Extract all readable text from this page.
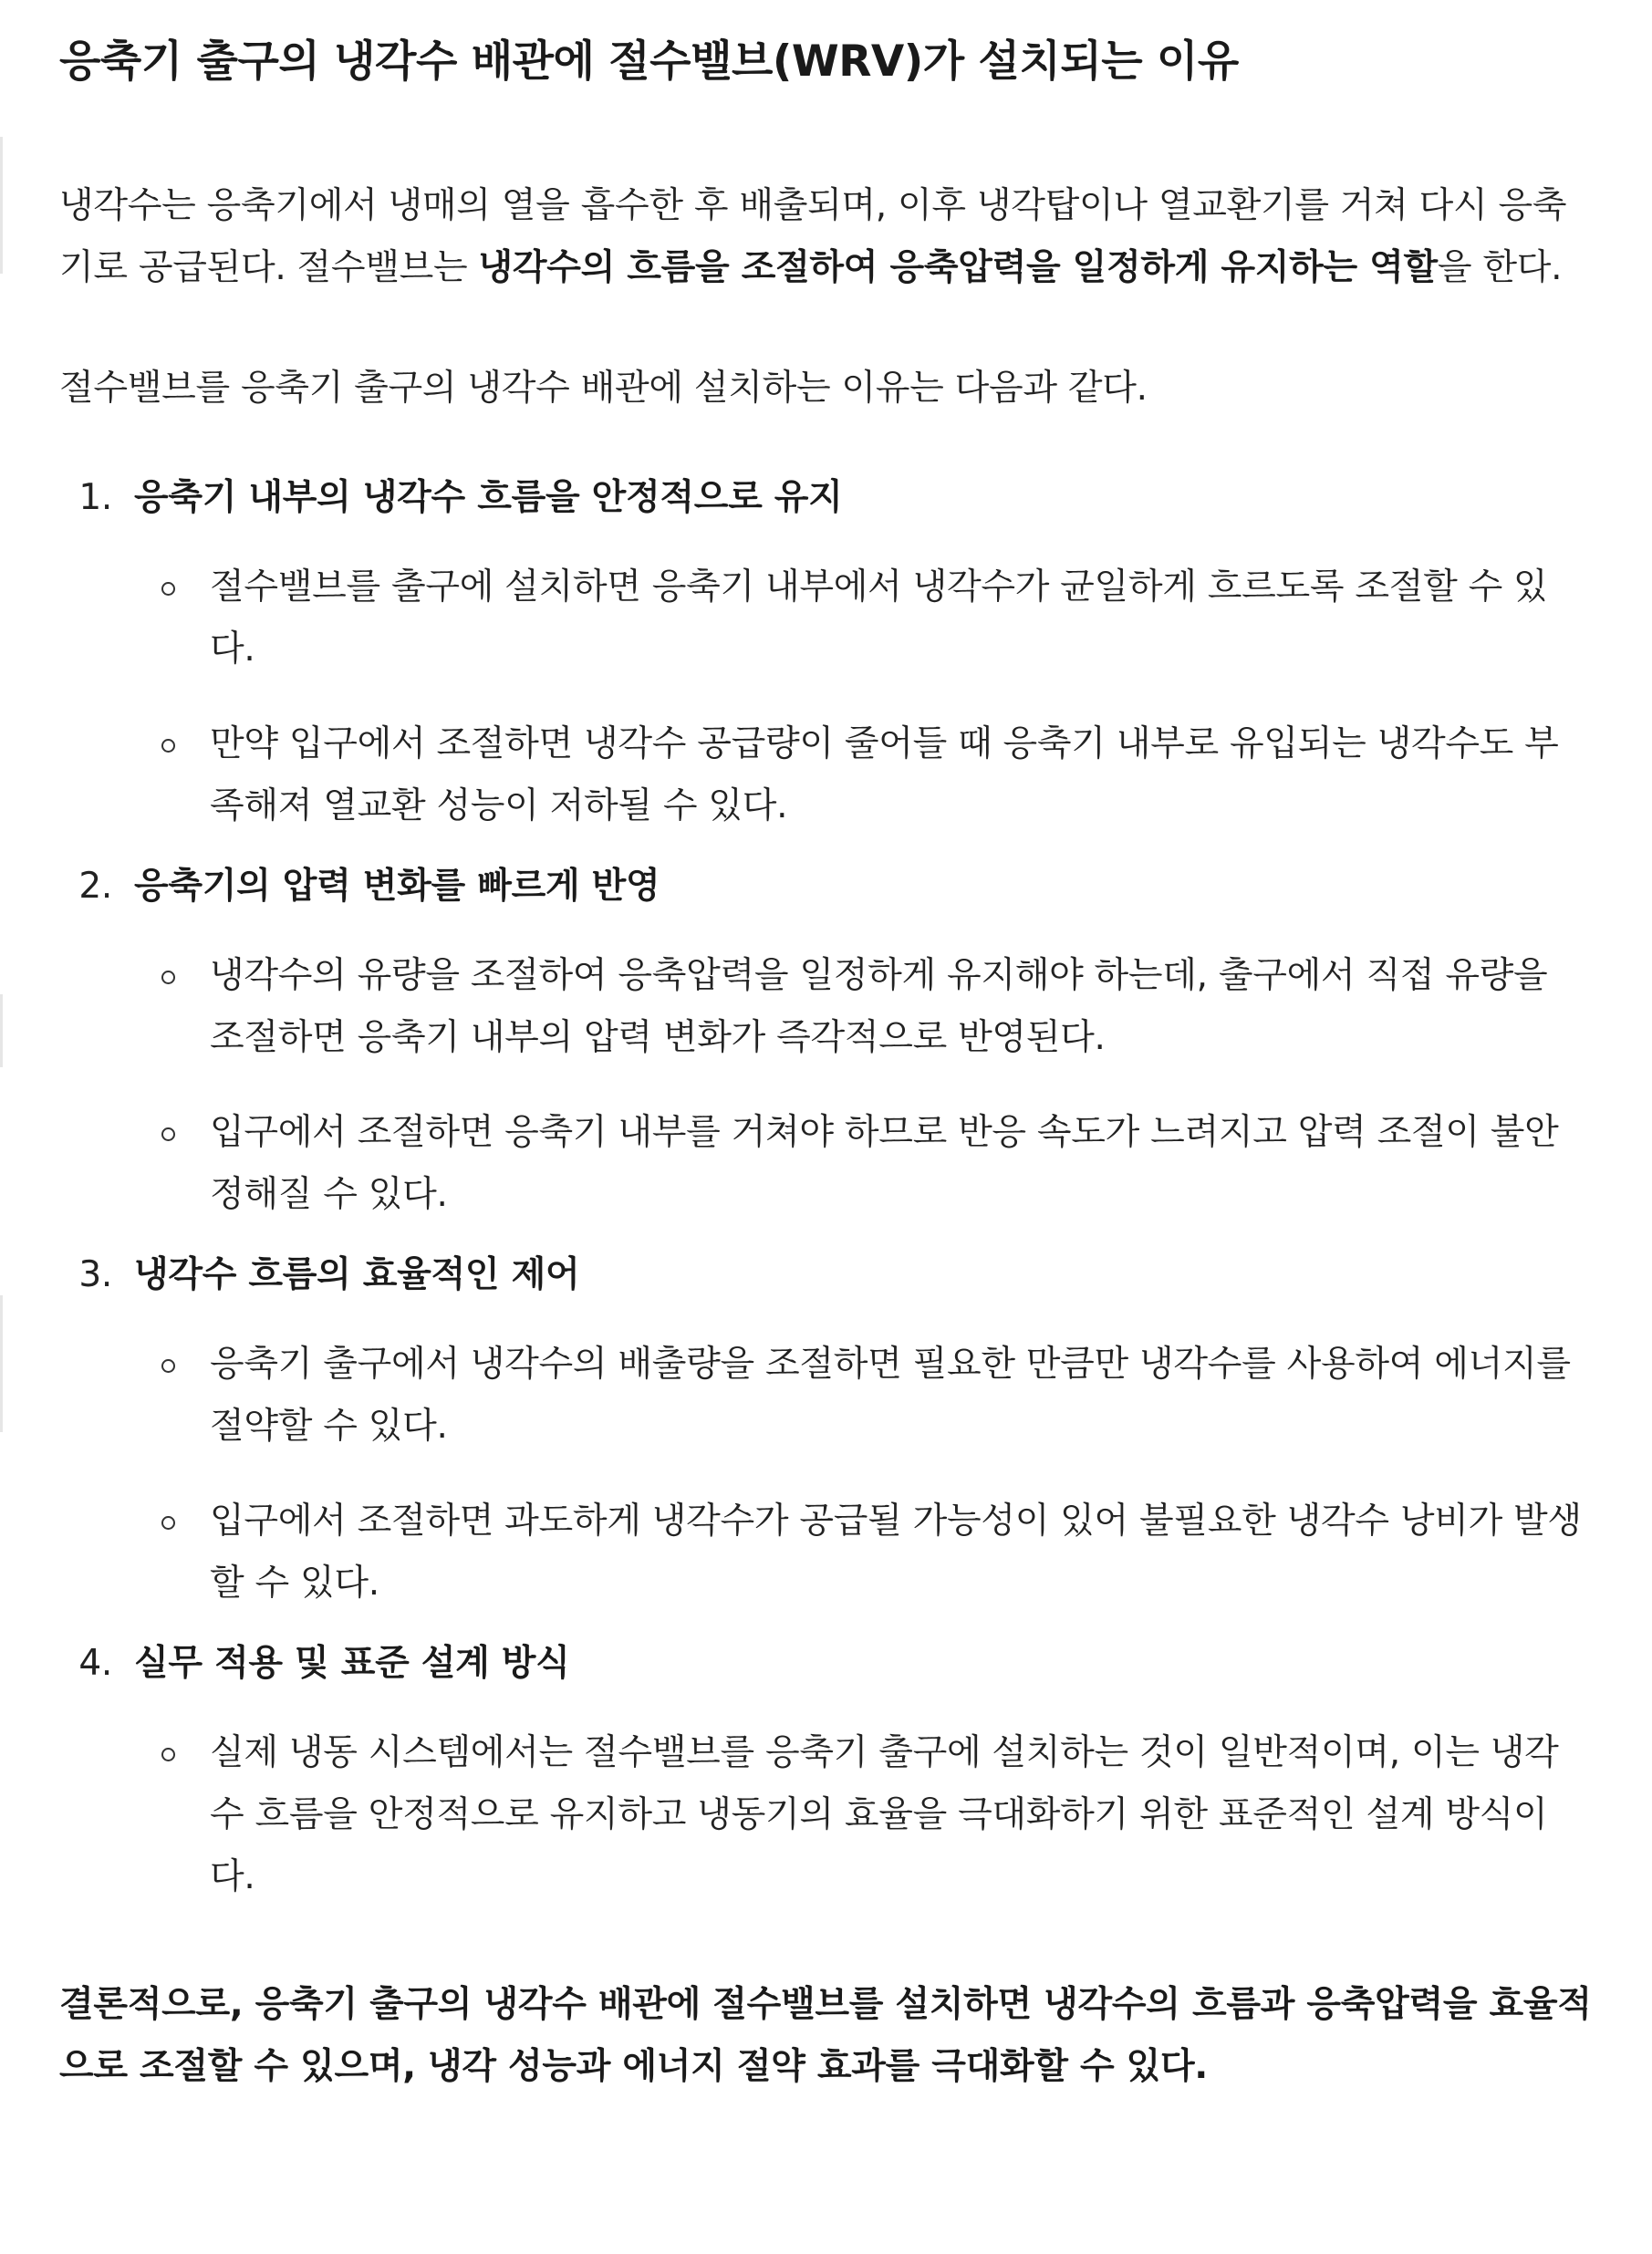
응축기 출구의 냉각수 배관에 절수밸브(WRV)가 설치되는 이유

냉각수는 응축기에서 냉매의 열을 흡수한 후 배출되며, 이후 냉각탑이나 열교환기를 거쳐 다시 응축기로 공급된다. 절수밸브는 냉각수의 흐름을 조절하여 응축압력을 일정하게 유지하는 역할을 한다.

절수밸브를 응축기 출구의 냉각수 배관에 설치하는 이유는 다음과 같다.

1. 응축기 내부의 냉각수 흐름을 안정적으로 유지
절수밸브를 출구에 설치하면 응축기 내부에서 냉각수가 균일하게 흐르도록 조절할 수 있다.
만약 입구에서 조절하면 냉각수 공급량이 줄어들 때 응축기 내부로 유입되는 냉각수도 부족해져 열교환 성능이 저하될 수 있다.
2. 응축기의 압력 변화를 빠르게 반영
냉각수의 유량을 조절하여 응축압력을 일정하게 유지해야 하는데, 출구에서 직접 유량을 조절하면 응축기 내부의 압력 변화가 즉각적으로 반영된다.
입구에서 조절하면 응축기 내부를 거쳐야 하므로 반응 속도가 느려지고 압력 조절이 불안정해질 수 있다.
3. 냉각수 흐름의 효율적인 제어
응축기 출구에서 냉각수의 배출량을 조절하면 필요한 만큼만 냉각수를 사용하여 에너지를 절약할 수 있다.
입구에서 조절하면 과도하게 냉각수가 공급될 가능성이 있어 불필요한 냉각수 낭비가 발생할 수 있다.
4. 실무 적용 및 표준 설계 방식
실제 냉동 시스템에서는 절수밸브를 응축기 출구에 설치하는 것이 일반적이며, 이는 냉각수 흐름을 안정적으로 유지하고 냉동기의 효율을 극대화하기 위한 표준적인 설계 방식이다.

결론적으로, 응축기 출구의 냉각수 배관에 절수밸브를 설치하면 냉각수의 흐름과 응축압력을 효율적으로 조절할 수 있으며, 냉각 성능과 에너지 절약 효과를 극대화할 수 있다.
